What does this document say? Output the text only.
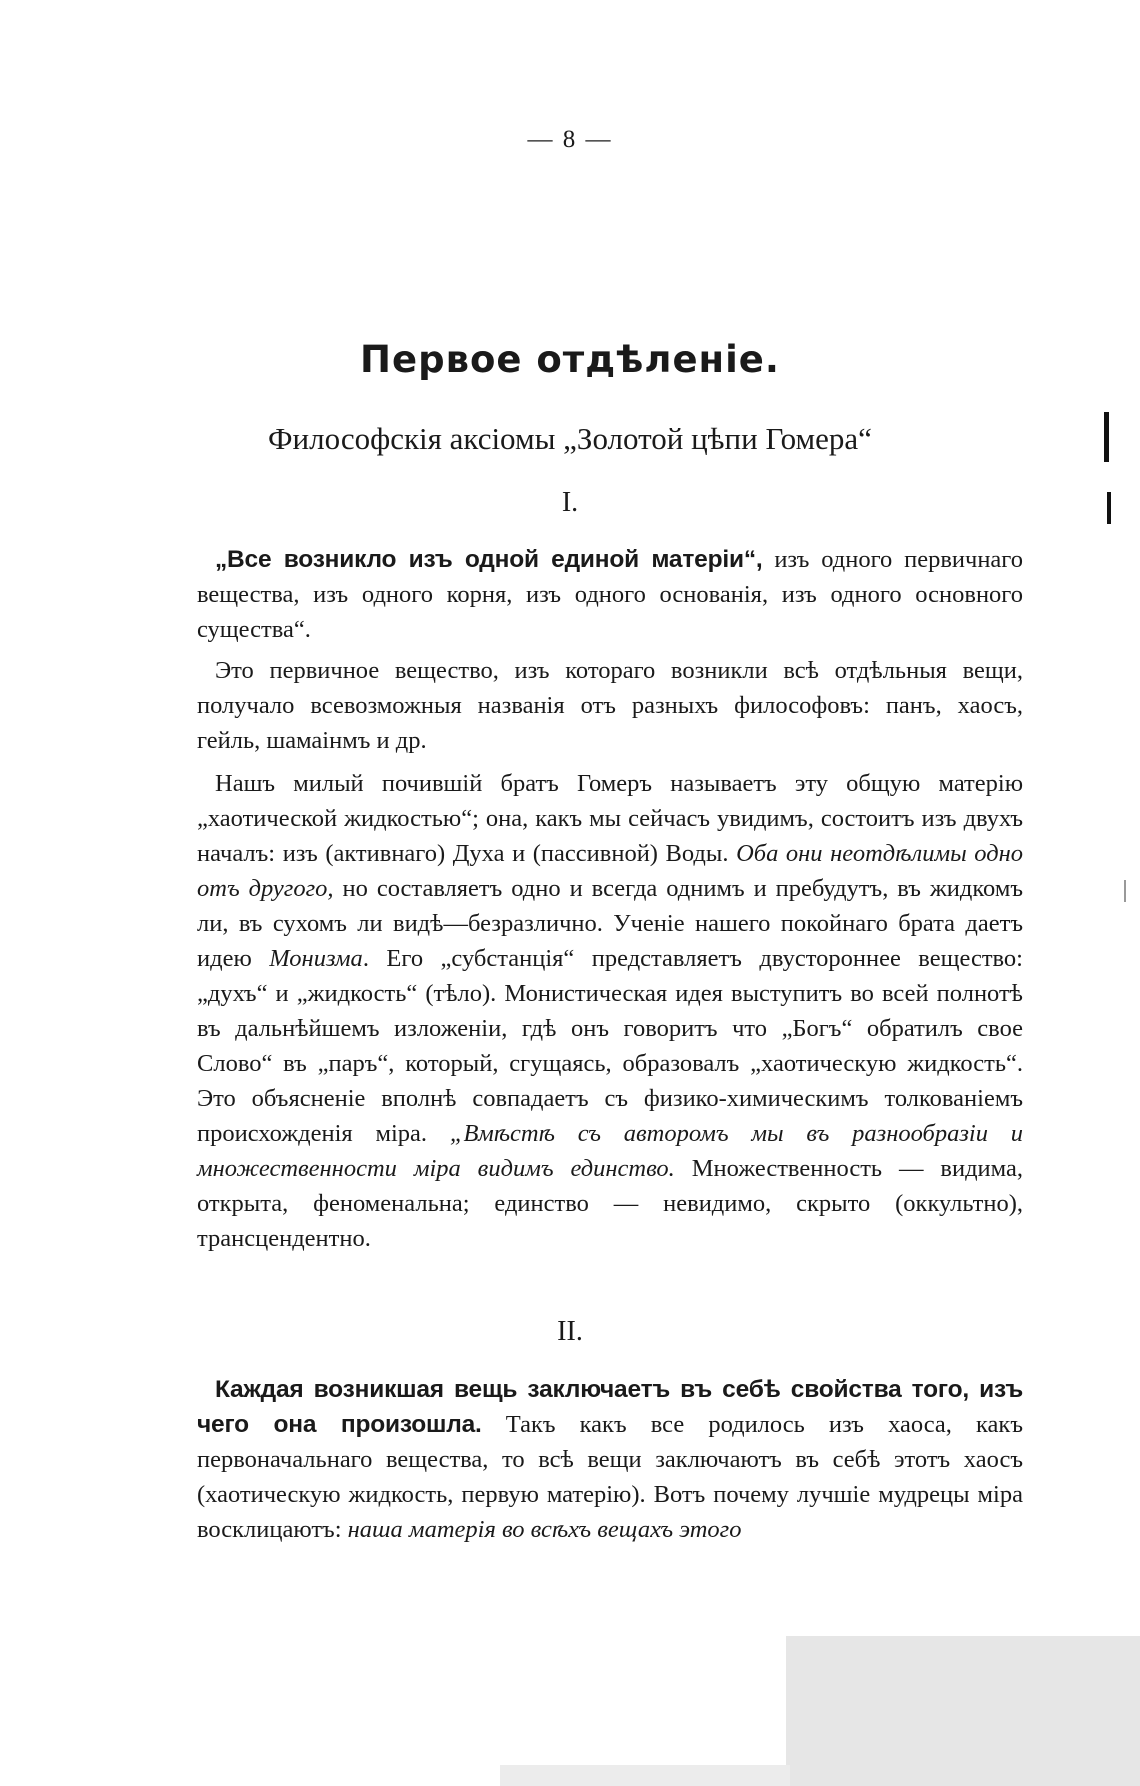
— 8 —
Первое отдѣленіе.
Философскія аксіомы „Золотой цѣпи Гомера“
I.

„Все возникло изъ одной единой матеріи“, изъ одного первичнаго вещества, изъ одного корня, изъ одного основанія, изъ одного основного существа“.

Это первичное вещество, изъ котораго возникли всѣ отдѣльныя вещи, получало всевозможныя названія отъ разныхъ философовъ: панъ, хаосъ, гейль, шамаінмъ и др.

Нашъ милый почившій братъ Гомеръ называетъ эту общую матерію „хаотической жидкостью“; она, какъ мы сейчасъ увидимъ, состоитъ изъ двухъ началъ: изъ (активнаго) Духа и (пассивной) Воды. Оба они неотдѣлимы одно отъ другого, но составляетъ одно и всегда однимъ и пребудутъ, въ жидкомъ ли, въ сухомъ ли видѣ—безразлично. Ученіе нашего покойнаго брата даетъ идею Монизма. Его „субстанція“ представляетъ двустороннее вещество: „духъ“ и „жидкость“ (тѣло). Монистическая идея выступитъ во всей полнотѣ въ дальнѣйшемъ изложеніи, гдѣ онъ говоритъ что „Богъ“ обратилъ свое Слово“ въ „паръ“, который, сгущаясь, образовалъ „хаотическую жидкость“. Это объясненіе вполнѣ совпадаетъ съ физико-химическимъ толкованіемъ происхожденія міра. „Вмѣстѣ съ авторомъ мы въ разнообразіи и множественности міра видимъ единство. Множественность — видима, открыта, феноменальна; единство — невидимо, скрыто (оккультно), трансцендентно.

II.

Каждая возникшая вещь заключаетъ въ себѣ свойства того, изъ чего она произошла. Такъ какъ все родилось изъ хаоса, какъ первоначальнаго вещества, то всѣ вещи заключаютъ въ себѣ этотъ хаосъ (хаотическую жидкость, первую матерію). Вотъ почему лучшіе мудрецы міра восклицаютъ: наша матерія во всѣхъ вещахъ этого
